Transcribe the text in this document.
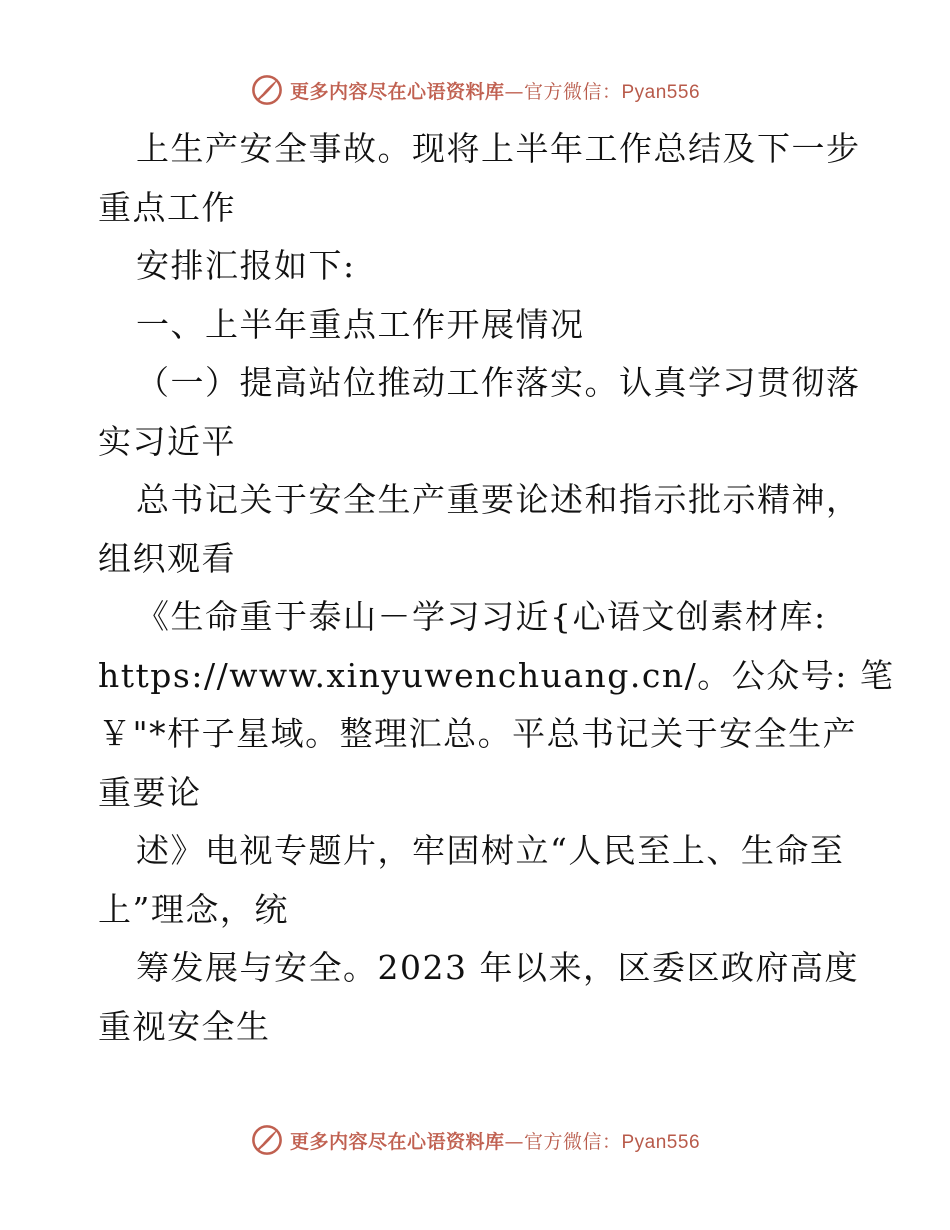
更多内容尽在心语资料库—官方微信：Pyan556
上生产安全事故。现将上半年工作总结及下一步
重点工作
安排汇报如下:
一、上半年重点工作开展情况
（一）提高站位推动工作落实。认真学习贯彻落
实习近平
总书记关于安全生产重要论述和指示批示精神，
组织观看
《生命重于泰山－学习习近{心语文创素材库:
https://www.xinyuwenchuang.cn/。公众号: 笔
￥"*杆子星域。整理汇总。平总书记关于安全生产
重要论
述》电视专题片，牢固树立“人民至上、生命至
上”理念，统
筹发展与安全。2023 年以来，区委区政府高度
重视安全生
更多内容尽在心语资料库—官方微信：Pyan556
